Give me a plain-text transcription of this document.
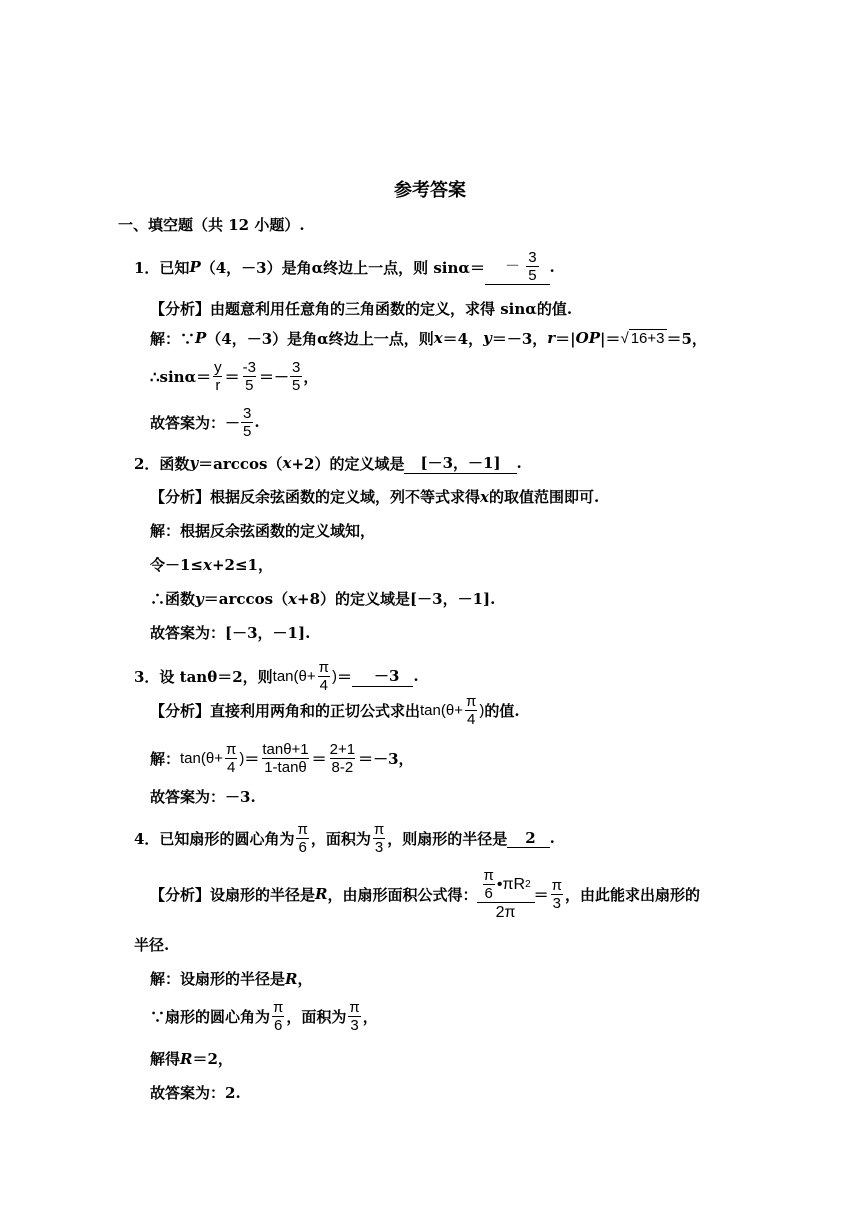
参考答案
一、填空题（共 12 小题）.
1．已知 P （4，－3）是角α终边上一点，则 sinα＝	－ $\frac{3}{5}$ .
【分析】由题意利用任意角的三角函数的定义，求得 sinα的值.
解：∵ P （4，－3）是角α终边上一点，则 x ＝4， y ＝－3， r ＝| OP |＝ √ 16+3 ＝5，
∴sinα＝ $\frac{y}{r} = \frac{-3}{5} =- \frac{3}{5}$ ，
故答案为：－ $\frac{3}{5}$ .
2．函数 y ＝arccos（ x +2）的定义域是	[－3，－1]	.
【分析】根据反余弦函数的定义域，列不等式求得 x 的取值范围即可.
解：根据反余弦函数的定义域知，
令－1≤ x +2≤1，
∴函数 y ＝arccos（ x +8）的定义域是[－3，－1].
故答案为：[－3，－1].
3．设 tanθ＝2，则 $\tan(\theta+ \frac{\pi}{4}$ ) ＝	－3 .
【分析】直接利用两角和的正切公式求出 $\tan(\theta+ \frac{\pi}{4}$ ) 的值.
解： $\tan(\theta+ \frac{\pi}{4}$ ) ＝ $\frac{\tan\theta+1}{1-\tan\theta} = \frac{2+1}{8-2} =-3$，
故答案为：－3.
4．已知扇形的圆心角为 $\frac{\pi}{6}$ ，面积为 $\frac{\pi}{3}$ ，则扇形的半径是	2 .
【分析】设扇形的半径是 R ，由扇形面积公式得： $\frac{\frac{\pi}{6} •\pi R 2}{2\pi} = \frac{\pi}{3}$ ，由此能求出扇形的
半径.
解：设扇形的半径是 R ，
∵扇形的圆心角为 $\frac{\pi}{6}$ ，面积为 $\frac{\pi}{3}$ ，
解得 R ＝2，
故答案为：2.
